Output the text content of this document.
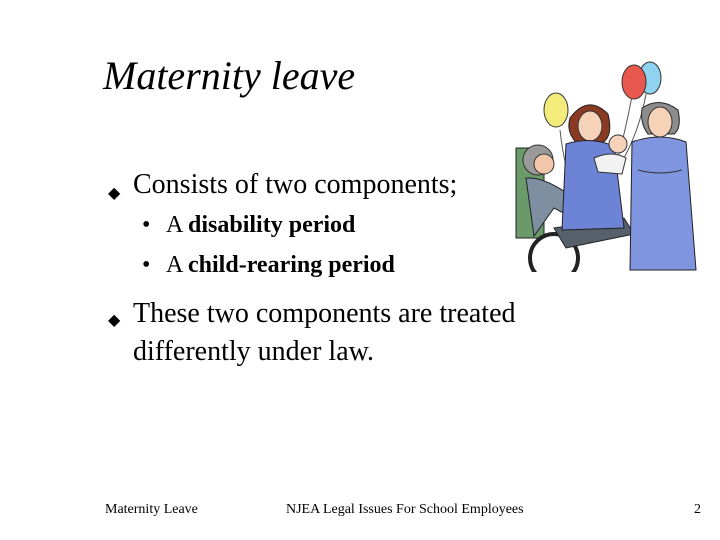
Maternity leave
◆ Consists of two components;
• A disability period
• A child-rearing period
◆ These two components are treated
differently under law.
Maternity Leave	NJEA Legal Issues For School Employees	2
